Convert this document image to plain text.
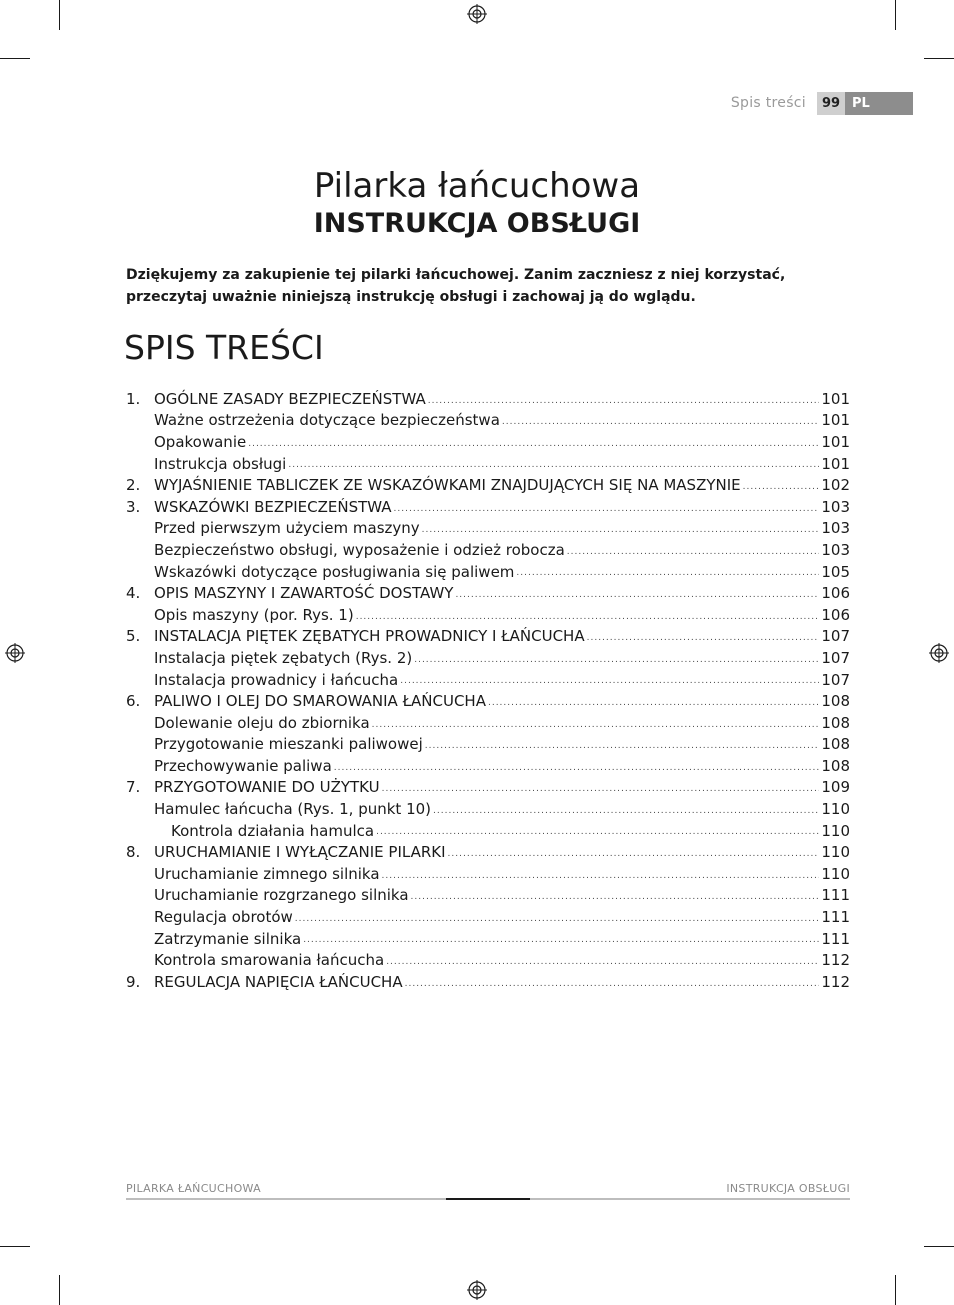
Spis treści	99 PL
Pilarka łańcuchowa
INSTRUKCJA OBSŁUGI
Dziękujemy za zakupienie tej pilarki łańcuchowej. Zanim zaczniesz z niej korzystać,
przeczytaj uważnie niniejszą instrukcję obsługi i zachowaj ją do wglądu.
SPIS TREŚCI
1. OGÓLNE ZASADY BEZPIECZEŃSTWA .....	101
Ważne ostrzeżenia dotyczące bezpieczeństwa .....	101
Opakowanie .....	101
Instrukcja obsługi .....	101
2. WYJAŚNIENIE TABLICZEK ZE WSKAZÓWKAMI ZNAJDUJĄCYCH SIĘ NA MASZYNIE .....	102
3. WSKAZÓWKI BEZPIECZEŃSTWA .....	103
Przed pierwszym użyciem maszyny .....	103
Bezpieczeństwo obsługi, wyposażenie i odzież robocza .....	103
Wskazówki dotyczące posługiwania się paliwem .....	105
4. OPIS MASZYNY I ZAWARTOŚĆ DOSTAWY .....	106
Opis maszyny (por. Rys. 1) .....	106
5. INSTALACJA PIĘTEK ZĘBATYCH PROWADNICY I ŁAŃCUCHA .....	107
Instalacja piętek zębatych (Rys. 2) .....	107
Instalacja prowadnicy i łańcucha .....	107
6. PALIWO I OLEJ DO SMAROWANIA ŁAŃCUCHA .....	108
Dolewanie oleju do zbiornika .....	108
Przygotowanie mieszanki paliwowej .....	108
Przechowywanie paliwa .....	108
7. PRZYGOTOWANIE DO UŻYTKU .....	109
Hamulec łańcucha (Rys. 1, punkt 10) .....	110
Kontrola działania hamulca .....	110
8. URUCHAMIANIE I WYŁĄCZANIE PILARKI .....	110
Uruchamianie zimnego silnika .....	110
Uruchamianie rozgrzanego silnika .....	111
Regulacja obrotów .....	111
Zatrzymanie silnika .....	111
Kontrola smarowania łańcucha .....	112
9. REGULACJA NAPIĘCIA ŁAŃCUCHA .....	112
PILARKA ŁAŃCUCHOWA	INSTRUKCJA OBSŁUGI
